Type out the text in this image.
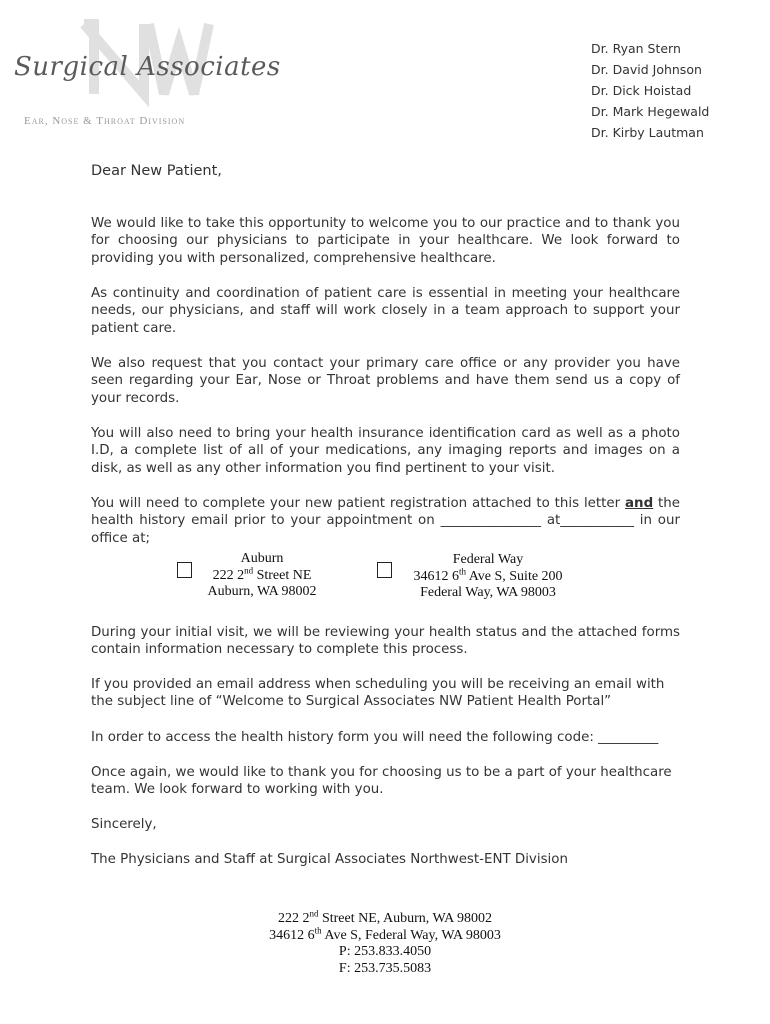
Surgical Associates
Ear, Nose & Throat Division
Dr. Ryan Stern
Dr. David Johnson
Dr. Dick Hoistad
Dr. Mark Hegewald
Dr. Kirby Lautman
Dear New Patient,
We would like to take this opportunity to welcome you to our practice and to thank you for choosing our physicians to participate in your healthcare. We look forward to providing you with personalized, comprehensive healthcare.
As continuity and coordination of patient care is essential in meeting your healthcare needs, our physicians, and staff will work closely in a team approach to support your patient care.
We also request that you contact your primary care office or any provider you have seen regarding your Ear, Nose or Throat problems and have them send us a copy of your records.
You will also need to bring your health insurance identification card as well as a photo I.D, a complete list of all of your medications, any imaging reports and images on a disk, as well as any other information you find pertinent to your visit.
You will need to complete your new patient registration attached to this letter and the health history email prior to your appointment on _______________ at___________ in our office at;
Auburn
222 2nd Street NE
Auburn, WA 98002
Federal Way
34612 6th Ave S, Suite 200
Federal Way, WA 98003
During your initial visit, we will be reviewing your health status and the attached forms contain information necessary to complete this process.
If you provided an email address when scheduling you will be receiving an email with the subject line of “Welcome to Surgical Associates NW Patient Health Portal”
In order to access the health history form you will need the following code: _________
Once again, we would like to thank you for choosing us to be a part of your healthcare team. We look forward to working with you.
Sincerely,
The Physicians and Staff at Surgical Associates Northwest-ENT Division
222 2nd Street NE, Auburn, WA 98002
34612 6th Ave S, Federal Way, WA 98003
P: 253.833.4050
F: 253.735.5083
